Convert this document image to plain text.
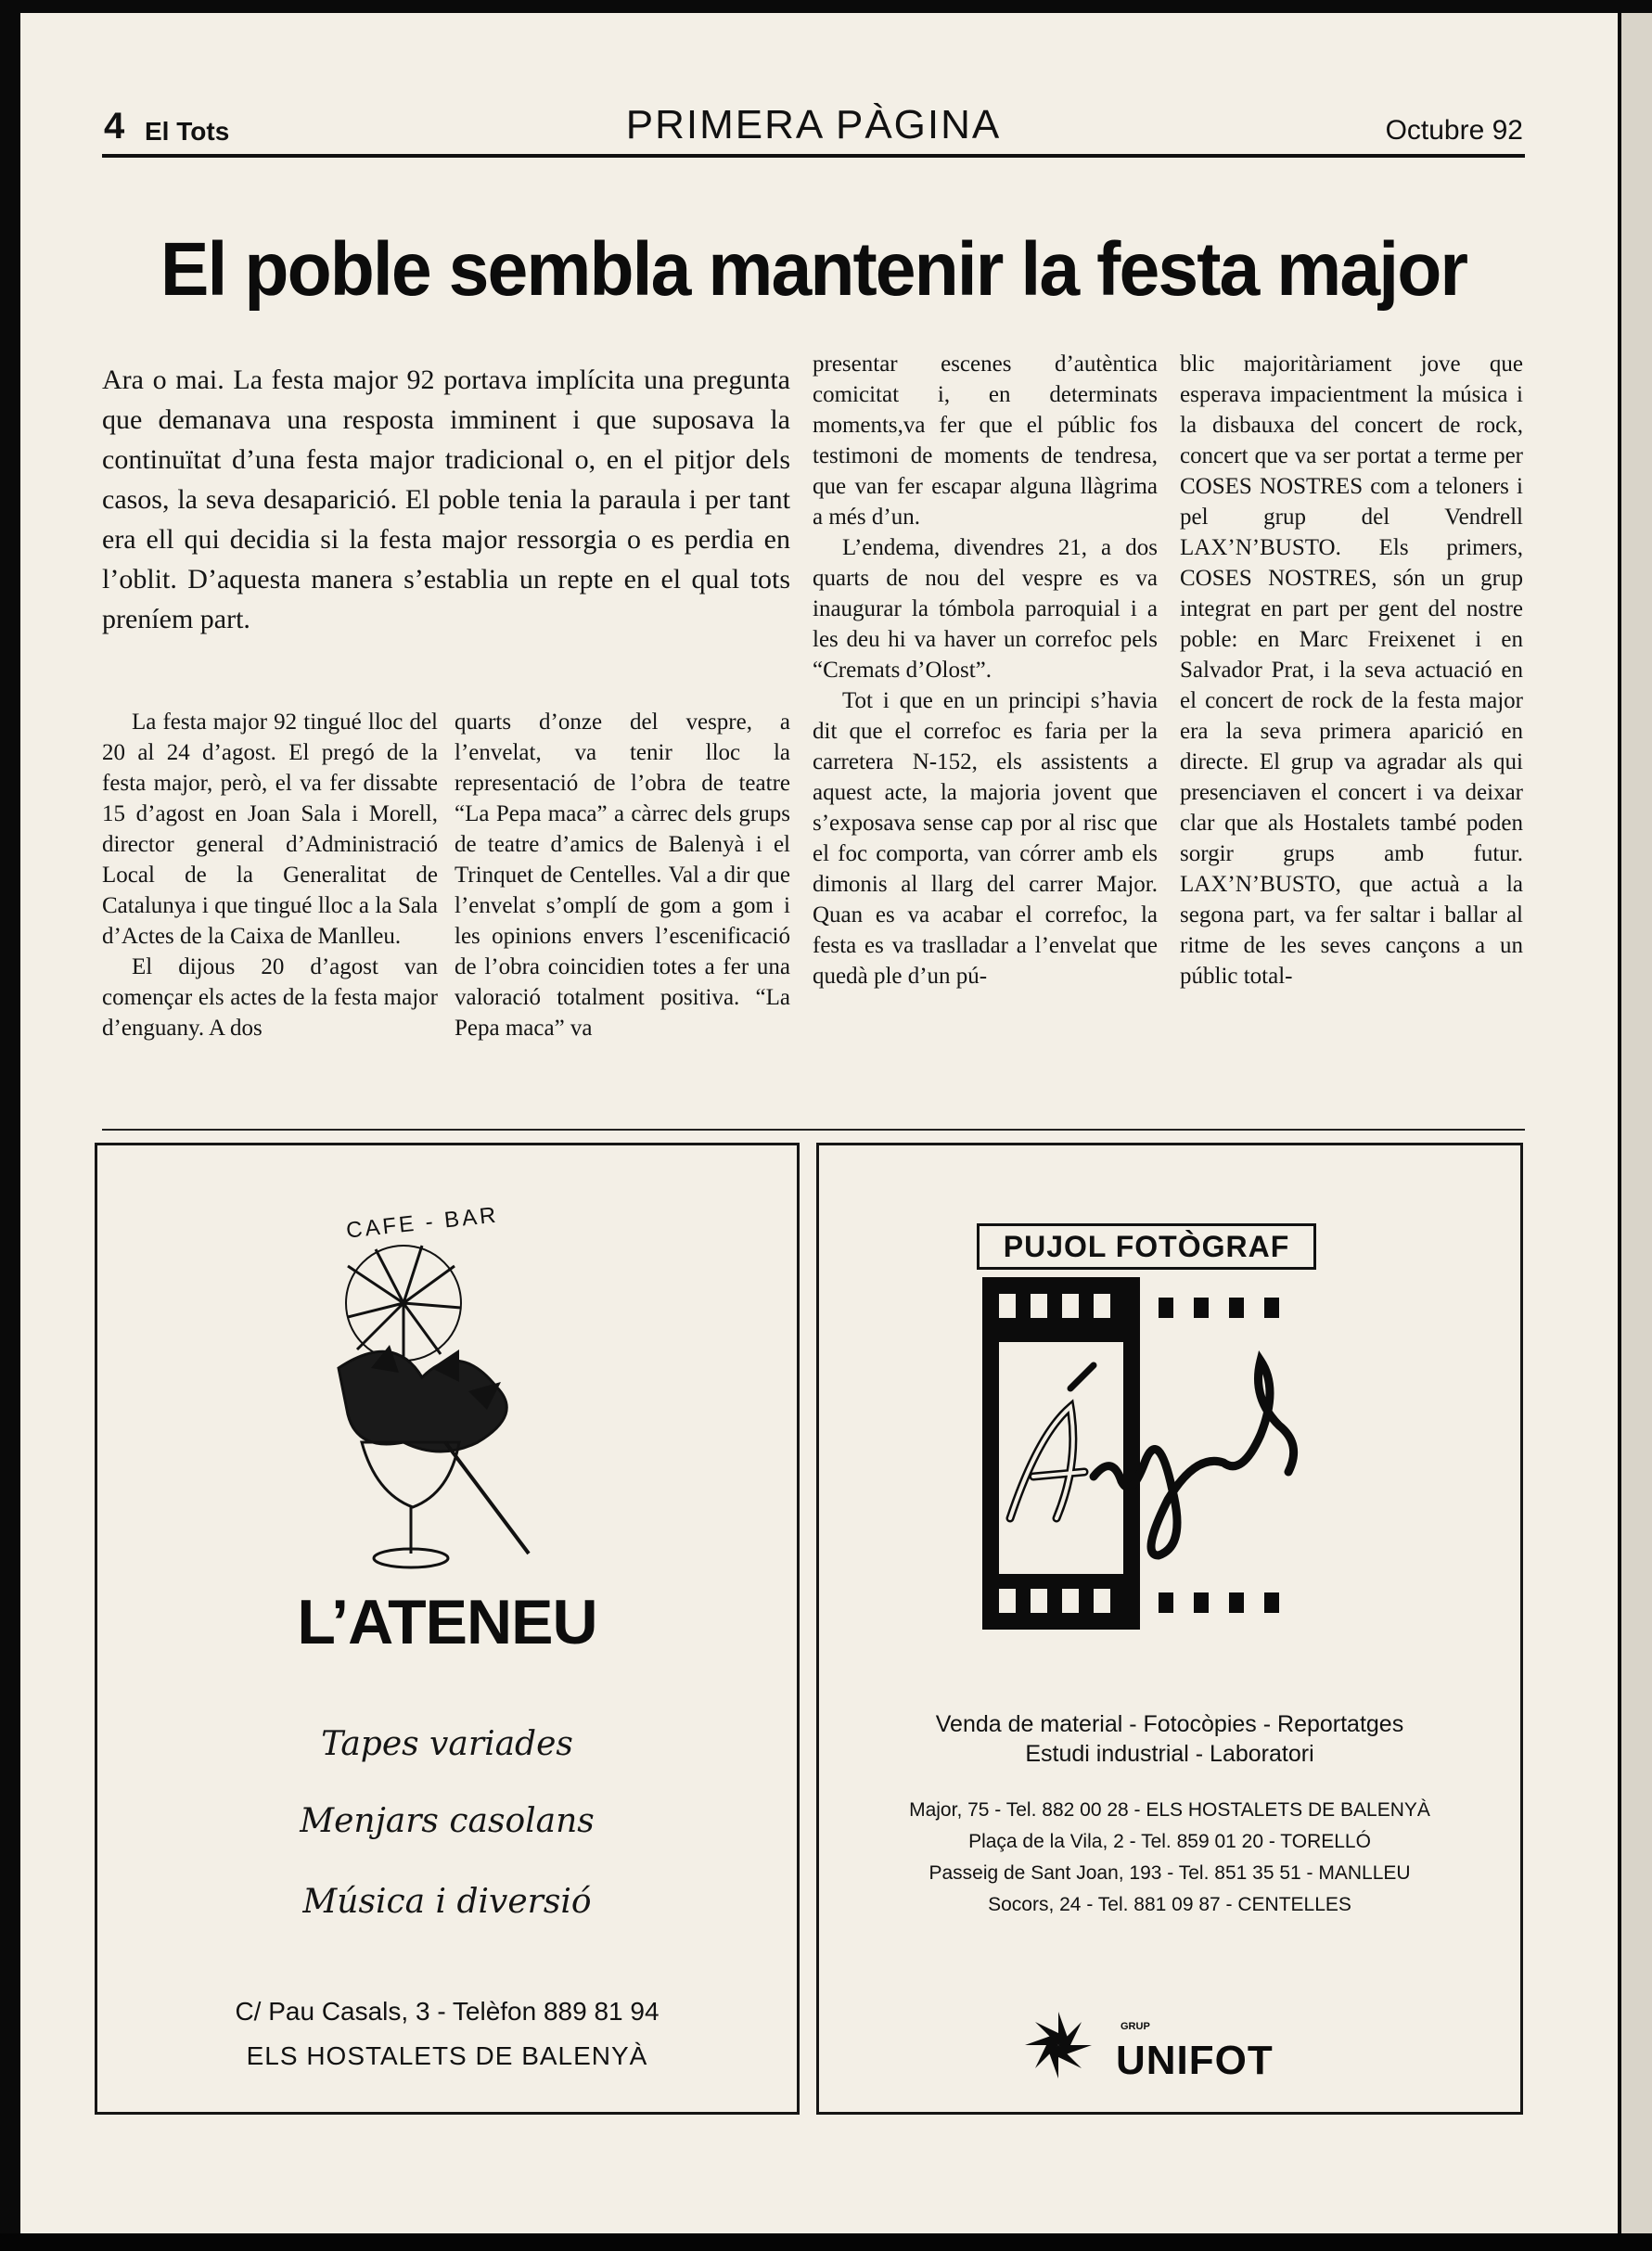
4 El Tots	PRIMERA PÀGINA	Octubre 92
El poble sembla mantenir la festa major

Ara o mai. La festa major 92 portava implícita una pregunta que demanava una resposta imminent i que suposava la continuïtat d’una festa major tradicional o, en el pitjor dels casos, la seva desaparició. El poble tenia la paraula i per tant era ell qui decidia si la festa major ressorgia o es perdia en l’oblit. D’aquesta manera s’establia un repte en el qual tots preníem part.

La festa major 92 tingué lloc del 20 al 24 d’agost. El pregó de la festa major, però, el va fer dissabte 15 d’agost en Joan Sala i Morell, director general d’Administració Local de la Generalitat de Catalunya i que tingué lloc a la Sala d’Actes de la Caixa de Manlleu.

El dijous 20 d’agost van començar els actes de la festa major d’enguany. A dos

quarts d’onze del vespre, a l’envelat, va tenir lloc la representació de l’obra de teatre “La Pepa maca” a càrrec dels grups de teatre d’amics de Balenyà i el Trinquet de Centelles. Val a dir que l’envelat s’omplí de gom a gom i les opinions envers l’escenificació de l’obra coincidien totes a fer una valoració totalment positiva. “La Pepa maca” va

presentar escenes d’autèntica comicitat i, en determinats moments,va fer que el públic fos testimoni de moments de tendresa, que van fer escapar alguna llàgrima a més d’un.

L’endema, divendres 21, a dos quarts de nou del vespre es va inaugurar la tómbola parroquial i a les deu hi va haver un correfoc pels “Cremats d’Olost”.

Tot i que en un principi s’havia dit que el correfoc es faria per la carretera N-152, els assistents a aquest acte, la majoria jovent que s’exposava sense cap por al risc que el foc comporta, van córrer amb els dimonis al llarg del carrer Major. Quan es va acabar el correfoc, la festa es va traslladar a l’envelat que quedà ple d’un pú-

blic majoritàriament jove que esperava impacientment la música i la disbauxa del concert de rock, concert que va ser portat a terme per COSES NOSTRES com a teloners i pel grup del Vendrell LAX’N’BUSTO. Els primers, COSES NOSTRES, són un grup integrat en part per gent del nostre poble: en Marc Freixenet i en Salvador Prat, i la seva actuació en el concert de rock de la festa major era la seva primera aparició en directe. El grup va agradar als qui presenciaven el concert i va deixar clar que als Hostalets també poden sorgir grups amb futur. LAX’N’BUSTO, que actuà a la segona part, va fer saltar i ballar al ritme de les seves cançons a un públic total-

CAFE - BAR
L’ATENEU
Tapes variades
Menjars casolans
Música i diversió
C/ Pau Casals, 3 - Telèfon 889 81 94
ELS HOSTALETS DE BALENYÀ
PUJOL FOTÒGRAF
Venda de material - Fotocòpies - Reportatges
Estudi industrial - Laboratori
Major, 75 - Tel. 882 00 28 - ELS HOSTALETS DE BALENYÀ
Plaça de la Vila, 2 - Tel. 859 01 20 - TORELLÓ
Passeig de Sant Joan, 193 - Tel. 851 35 51 - MANLLEU
Socors, 24 - Tel. 881 09 87 - CENTELLES
GRUP
UNIFOT
